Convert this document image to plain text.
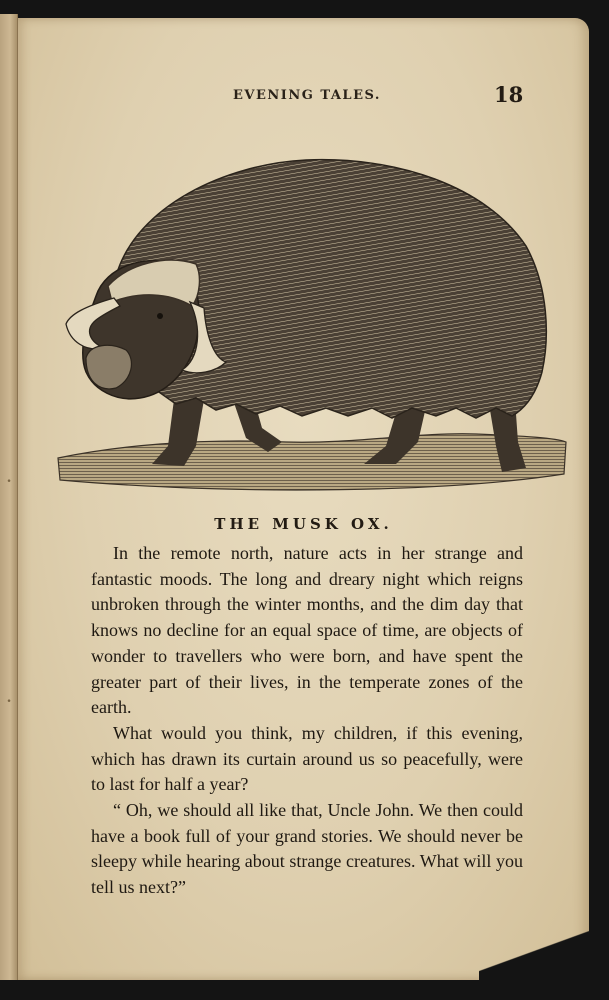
•
•
EVENING TALES.	18
THE MUSK OX.

In the remote north, nature acts in her strange and fantastic moods. The long and dreary night which reigns unbroken through the winter months, and the dim day that knows no decline for an equal space of time, are objects of wonder to travellers who were born, and have spent the greater part of their lives, in the temperate zones of the earth.

What would you think, my children, if this evening, which has drawn its curtain around us so peacefully, were to last for half a year?

“ Oh, we should all like that, Uncle John. We then could have a book full of your grand stories. We should never be sleepy while hearing about strange creatures. What will you tell us next?”
